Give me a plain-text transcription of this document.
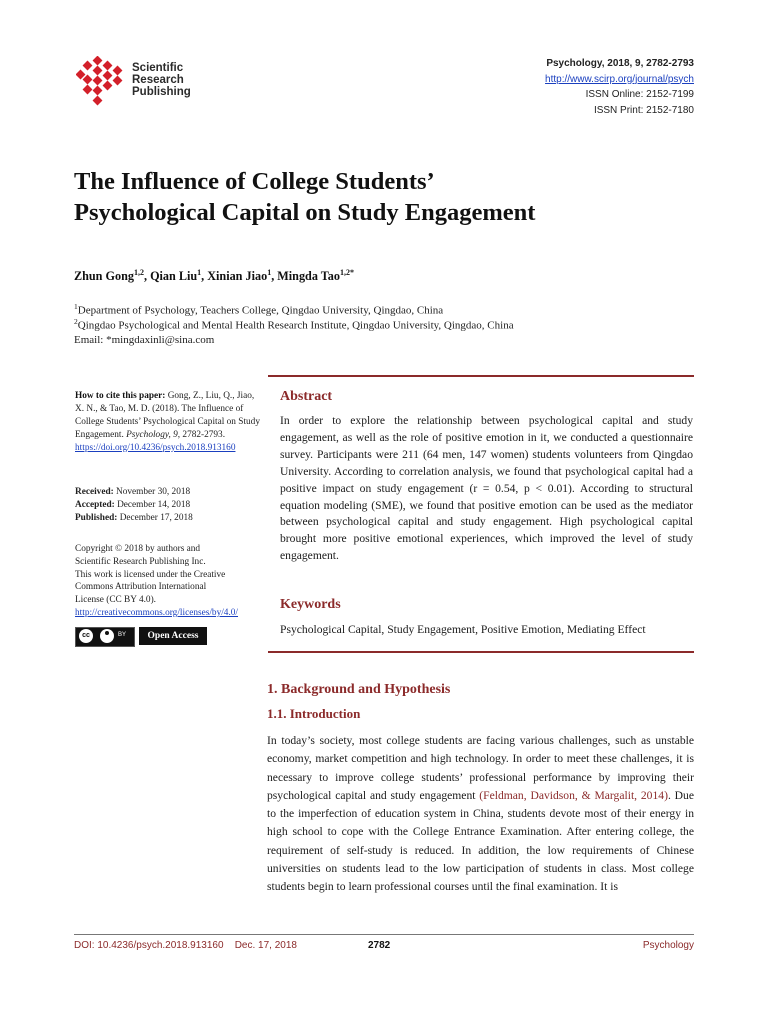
Scientific
Research
Publishing
Psychology, 2018, 9, 2782-2793
http://www.scirp.org/journal/psych
ISSN Online: 2152-7199
ISSN Print: 2152-7180
The Influence of College Students’
Psychological Capital on Study Engagement
Zhun Gong$^{1,2}$, Qian Liu$^1$, Xinian Jiao$^1$, Mingda Tao$^{1,2*}$
$^1$Department of Psychology, Teachers College, Qingdao University, Qingdao, China
$^2$Qingdao Psychological and Mental Health Research Institute, Qingdao University, Qingdao, China
Email: *mingdaxinli@sina.com
How to cite this paper: Gong, Z., Liu, Q., Jiao, X. N., & Tao, M. D. (2018). The Influence of College Students’ Psychological Capital on Study Engagement. Psychology, 9, 2782-2793.
https://doi.org/10.4236/psych.2018.913160
Received: November 30, 2018
Accepted: December 14, 2018
Published: December 17, 2018
Copyright © 2018 by authors and
Scientific Research Publishing Inc.
This work is licensed under the Creative
Commons Attribution International
License (CC BY 4.0).
http://creativecommons.org/licenses/by/4.0/
cc	BY	Open Access
Abstract
In order to explore the relationship between psychological capital and study engagement, as well as the role of positive emotion in it, we conducted a questionnaire survey. Participants were 211 (64 men, 147 women) students volunteers from Qingdao University. According to correlation analysis, we found that psychological capital had a positive impact on study engagement (r = 0.54, p < 0.01). According to structural equation modeling (SME), we found that positive emotion can be used as the mediator between psychological capital and study engagement. High psychological capital brought more positive emotional experiences, which improved the level of study engagement.
Keywords
Psychological Capital, Study Engagement, Positive Emotion, Mediating Effect
1. Background and Hypothesis
1.1. Introduction
In today’s society, most college students are facing various challenges, such as unstable economy, market competition and high technology. In order to meet these challenges, it is necessary to improve college students’ professional performance by improving their psychological capital and study engagement (Feldman, Davidson, & Margalit, 2014). Due to the imperfection of education system in China, students devote most of their energy in high school to cope with the College Entrance Examination. After entering college, the requirement of self-study is reduced. In addition, the low requirements of Chinese universities on students lead to the low participation of students in class. Most college students begin to learn professional courses until the final examination. It is
DOI: 10.4236/psych.2018.913160 Dec. 17, 2018	2782	Psychology
